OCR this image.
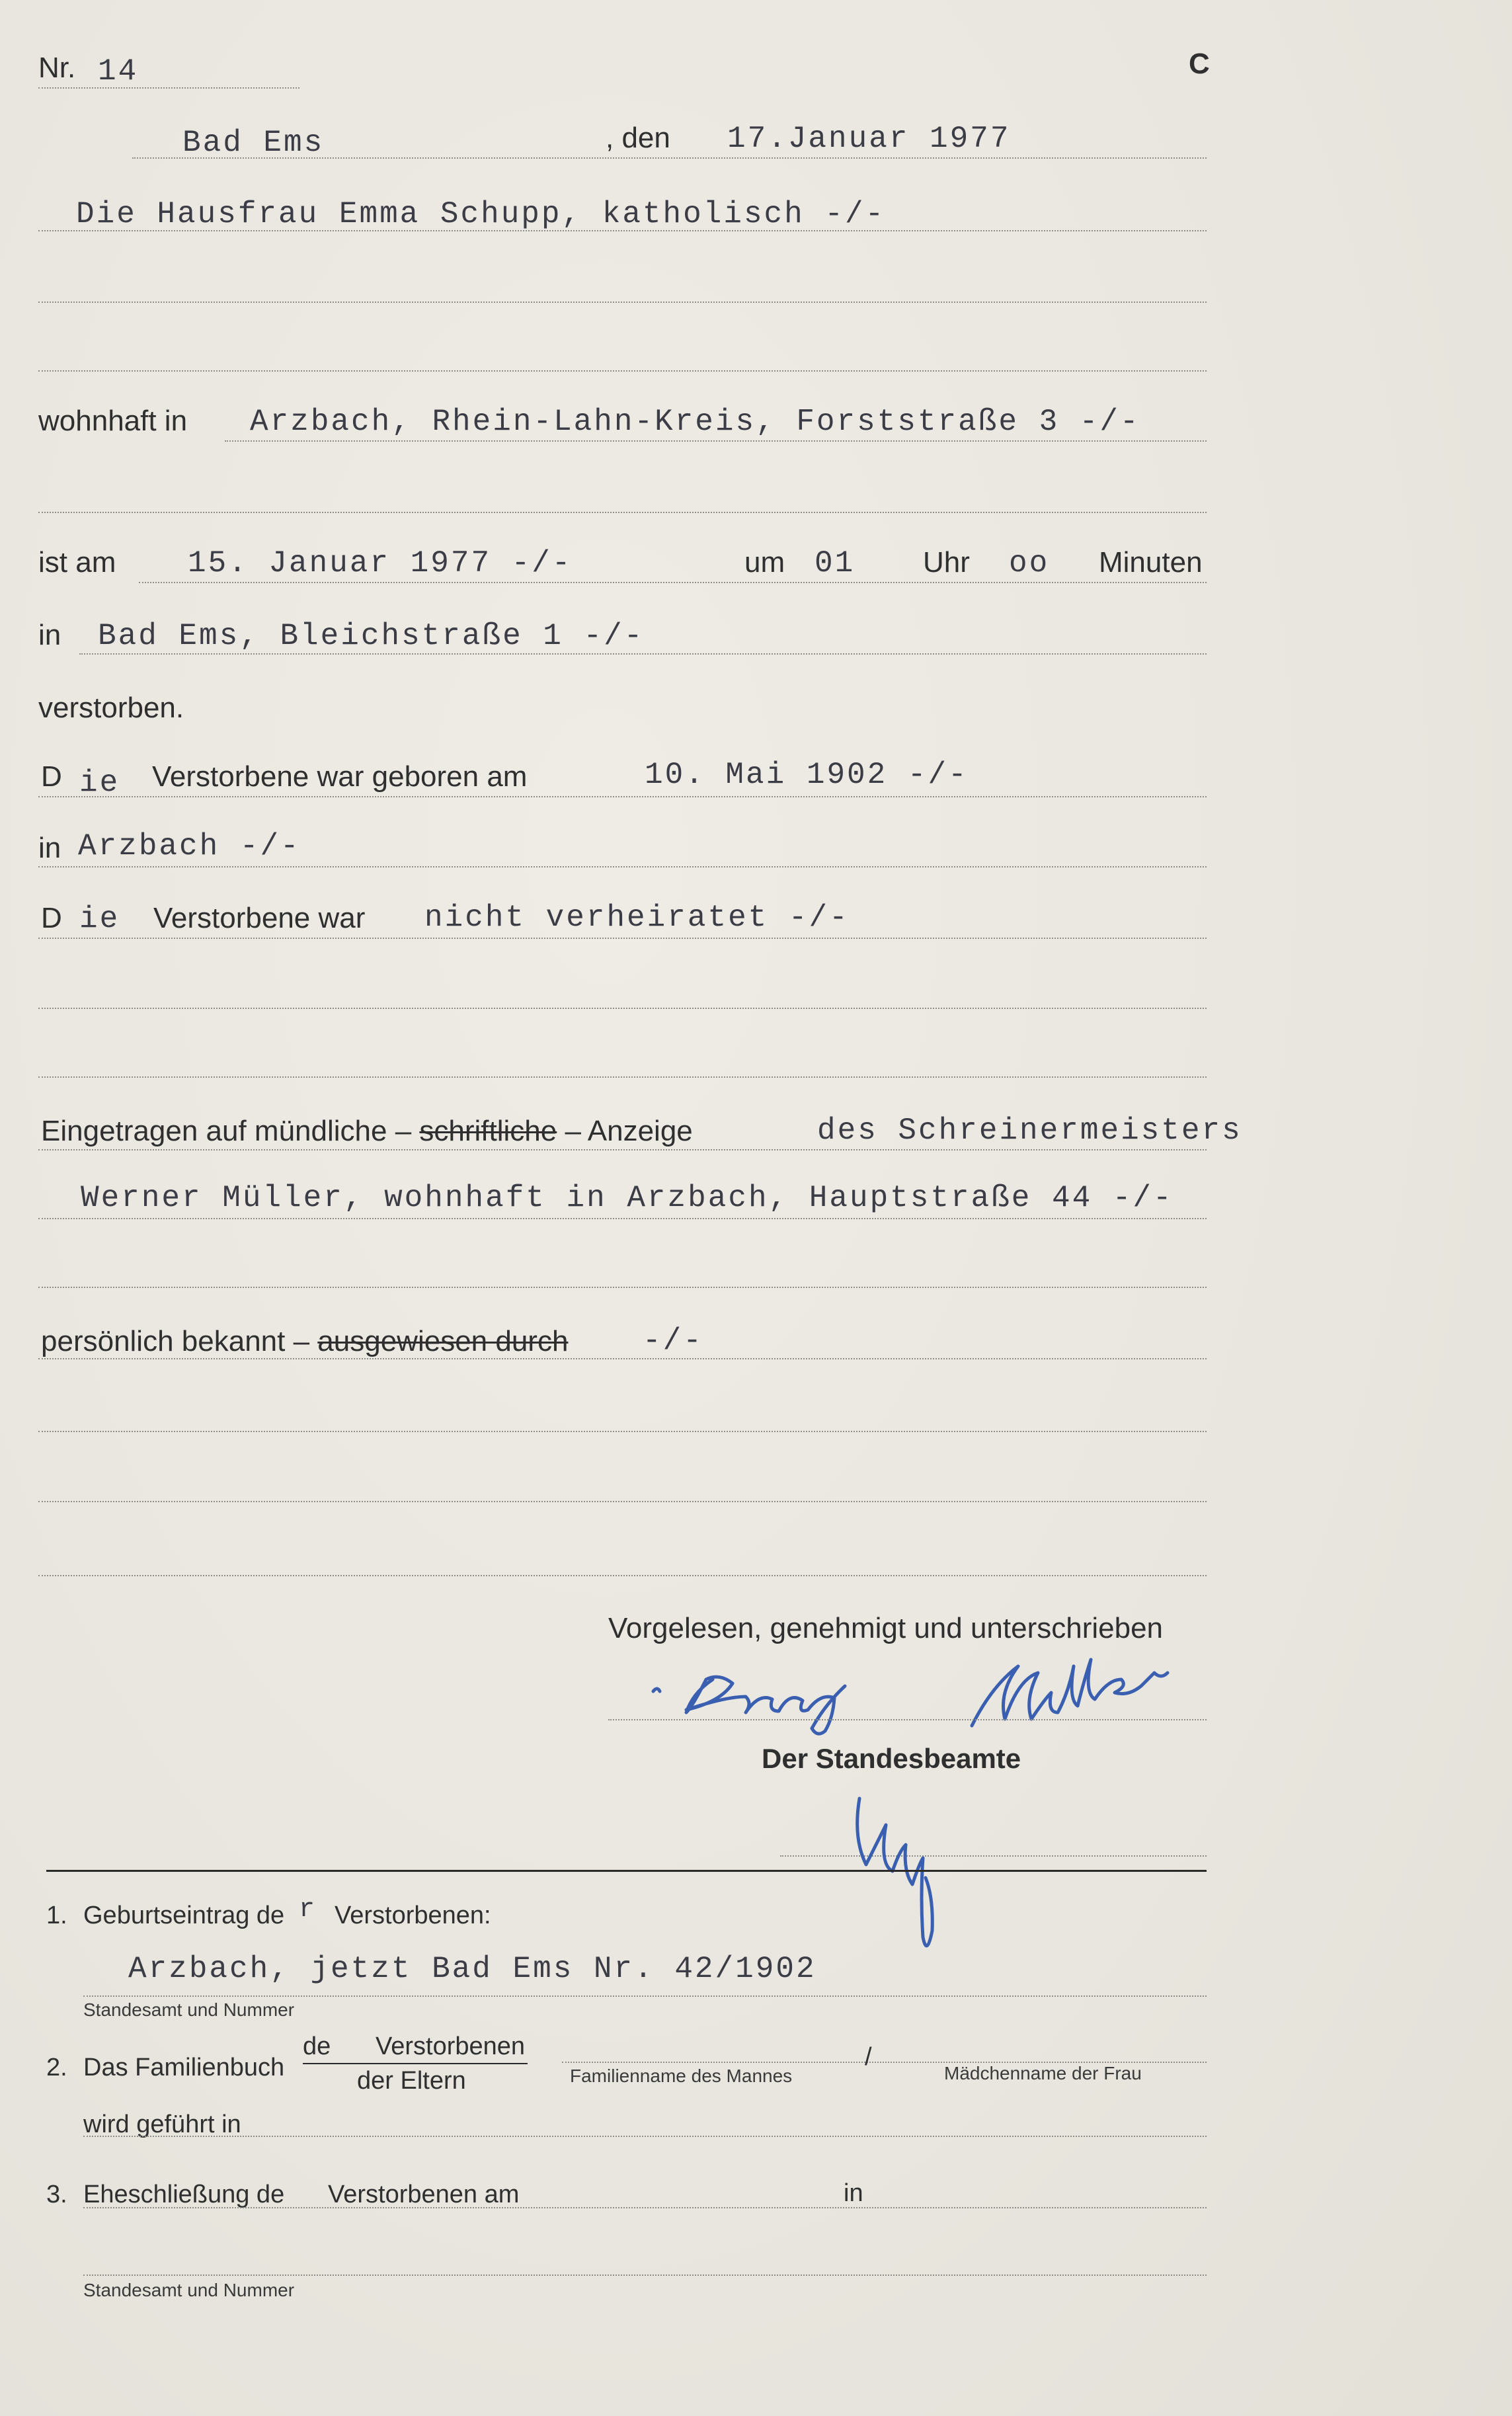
Nr. 14	C
Bad Ems	, den 17.Januar 1977
Die Hausfrau Emma Schupp, katholisch -/-
wohnhaft in Arzbach, Rhein-Lahn-Kreis, Forststraße 3 -/-
ist am 15. Januar 1977 -/-	um 01 Uhr oo Minuten
in Bad Ems, Bleichstraße 1 -/-
verstorben.
D ie Verstorbene war geboren am	10. Mai 1902 -/-
in Arzbach -/-
D ie Verstorbene war nicht verheiratet -/-
Eingetragen auf mündliche – schriftliche – Anzeige	des Schreinermeisters
Werner Müller, wohnhaft in Arzbach, Hauptstraße 44 -/-
persönlich bekannt – ausgewiesen durch -/-
Vorgelesen, genehmigt und unterschrieben
Der Standesbeamte
1. Geburtseintrag de r Verstorbenen:
Arzbach, jetzt Bad Ems Nr. 42/1902
Standesamt und Nummer
2. Das Familienbuch
de Verstorbenen
der Eltern	Familienname des Mannes
/
Mädchenname der Frau
wird geführt in
3. Eheschließung de Verstorbenen am	in
Standesamt und Nummer
